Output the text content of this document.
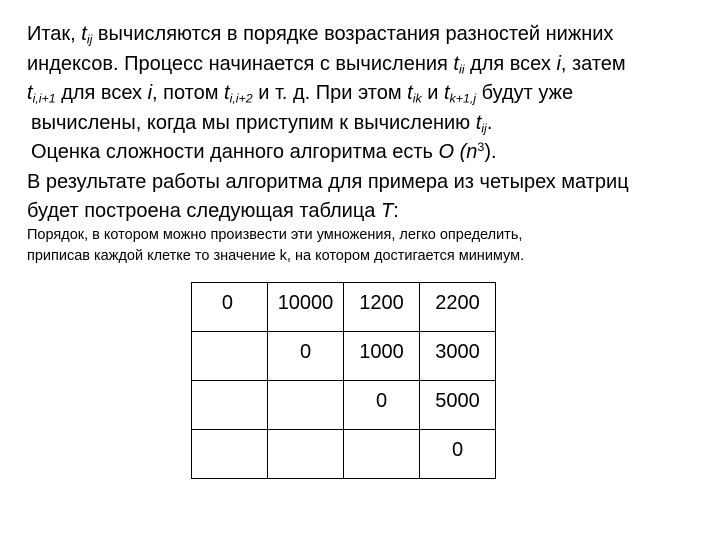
Итак, $t_{ij}$ вычисляются в порядке возрастания разностей нижних
индексов. Процесс начинается с вычисления $t_{ii}$ для всех i, затем
$t_{i,i+1}$ для всех i, потом $t_{i,i+2}$ и т. д. При этом $t_{ik}$ и $t_{k+1,j}$ будут уже
вычислены, когда мы приступим к вычислению $t_{ij}$.
Оценка сложности данного алгоритма есть O $(n^3)$.
В результате работы алгоритма для примера из четырех матриц
будет построена следующая таблица T:
Порядок, в котором можно произвести эти умножения, легко определить,
приписав каждой клетке то значение k, на котором достигается минимум.
0	10000	1200	2200
	0	1000	3000
		0	5000
			0
